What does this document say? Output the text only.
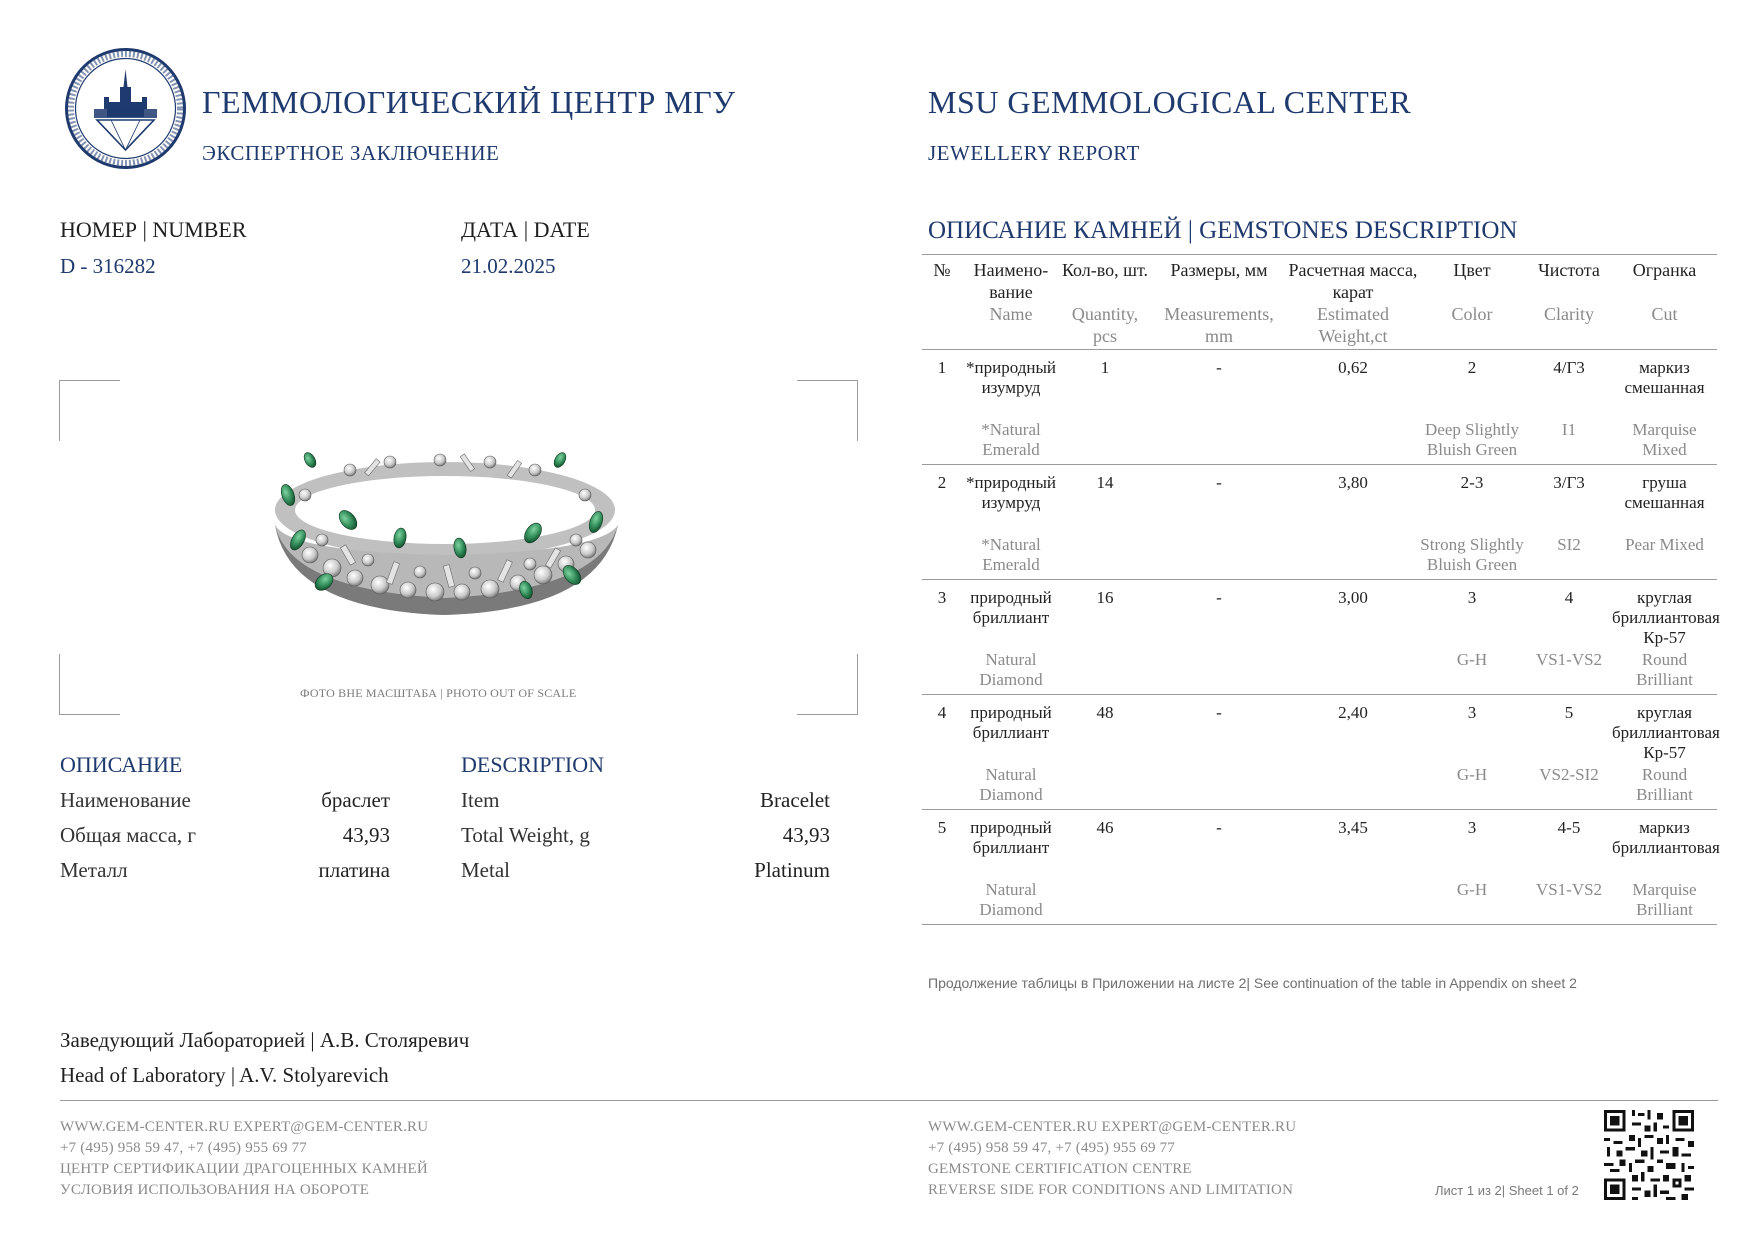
ГЕММОЛОГИЧЕСКИЙ ЦЕНТР МГУ
ЭКСПЕРТНОЕ ЗАКЛЮЧЕНИЕ
MSU GEMMOLOGICAL CENTER
JEWELLERY REPORT
НОМЕР | NUMBER
D - 316282
ДАТА | DATE
21.02.2025
ФОТО ВНЕ МАСШТАБА | PHOTO OUT OF SCALE
ОПИСАНИЕ	DESCRIPTION
Наименование	браслет
Общая масса, г	43,93
Металл	платина
Item	Bracelet
Total Weight, g	43,93
Metal	Platinum
Заведующий Лабораторией | А.В. Столяревич
Head of Laboratory | A.V. Stolyarevich
ОПИСАНИЕ КАМНЕЙ | GEMSTONES DESCRIPTION
№	Наимено-вание	Кол-во, шт.	Размеры, мм	Расчетная масса, карат	Цвет	Чистота	Огранка
	Name	Quantity, pcs	Measurements, mm	Estimated Weight,ct	Color	Clarity	Cut
1	*природный изумруд	1	-	0,62	2	4/Г3	маркиз смешанная
	*Natural Emerald				Deep Slightly Bluish Green	I1	Marquise Mixed
2	*природный изумруд	14	-	3,80	2-3	3/Г3	груша смешанная
	*Natural Emerald				Strong Slightly Bluish Green	SI2	Pear Mixed
3	природный бриллиант	16	-	3,00	3	4	круглая бриллиантовая Кр-57
	Natural Diamond				G-H	VS1-VS2	Round Brilliant
4	природный бриллиант	48	-	2,40	3	5	круглая бриллиантовая Кр-57
	Natural Diamond				G-H	VS2-SI2	Round Brilliant
5	природный бриллиант	46	-	3,45	3	4-5	маркиз бриллиантовая
	Natural Diamond				G-H	VS1-VS2	Marquise Brilliant
Продолжение таблицы в Приложении на листе 2| See continuation of the table in Appendix on sheet 2
WWW.GEM-CENTER.RU EXPERT@GEM-CENTER.RU
+7 (495) 958 59 47, +7 (495) 955 69 77
ЦЕНТР СЕРТИФИКАЦИИ ДРАГОЦЕННЫХ КАМНЕЙ
УСЛОВИЯ ИСПОЛЬЗОВАНИЯ НА ОБОРОТЕ
WWW.GEM-CENTER.RU EXPERT@GEM-CENTER.RU
+7 (495) 958 59 47, +7 (495) 955 69 77
GEMSTONE CERTIFICATION CENTRE
REVERSE SIDE FOR CONDITIONS AND LIMITATION	Лист 1 из 2| Sheet 1 of 2
